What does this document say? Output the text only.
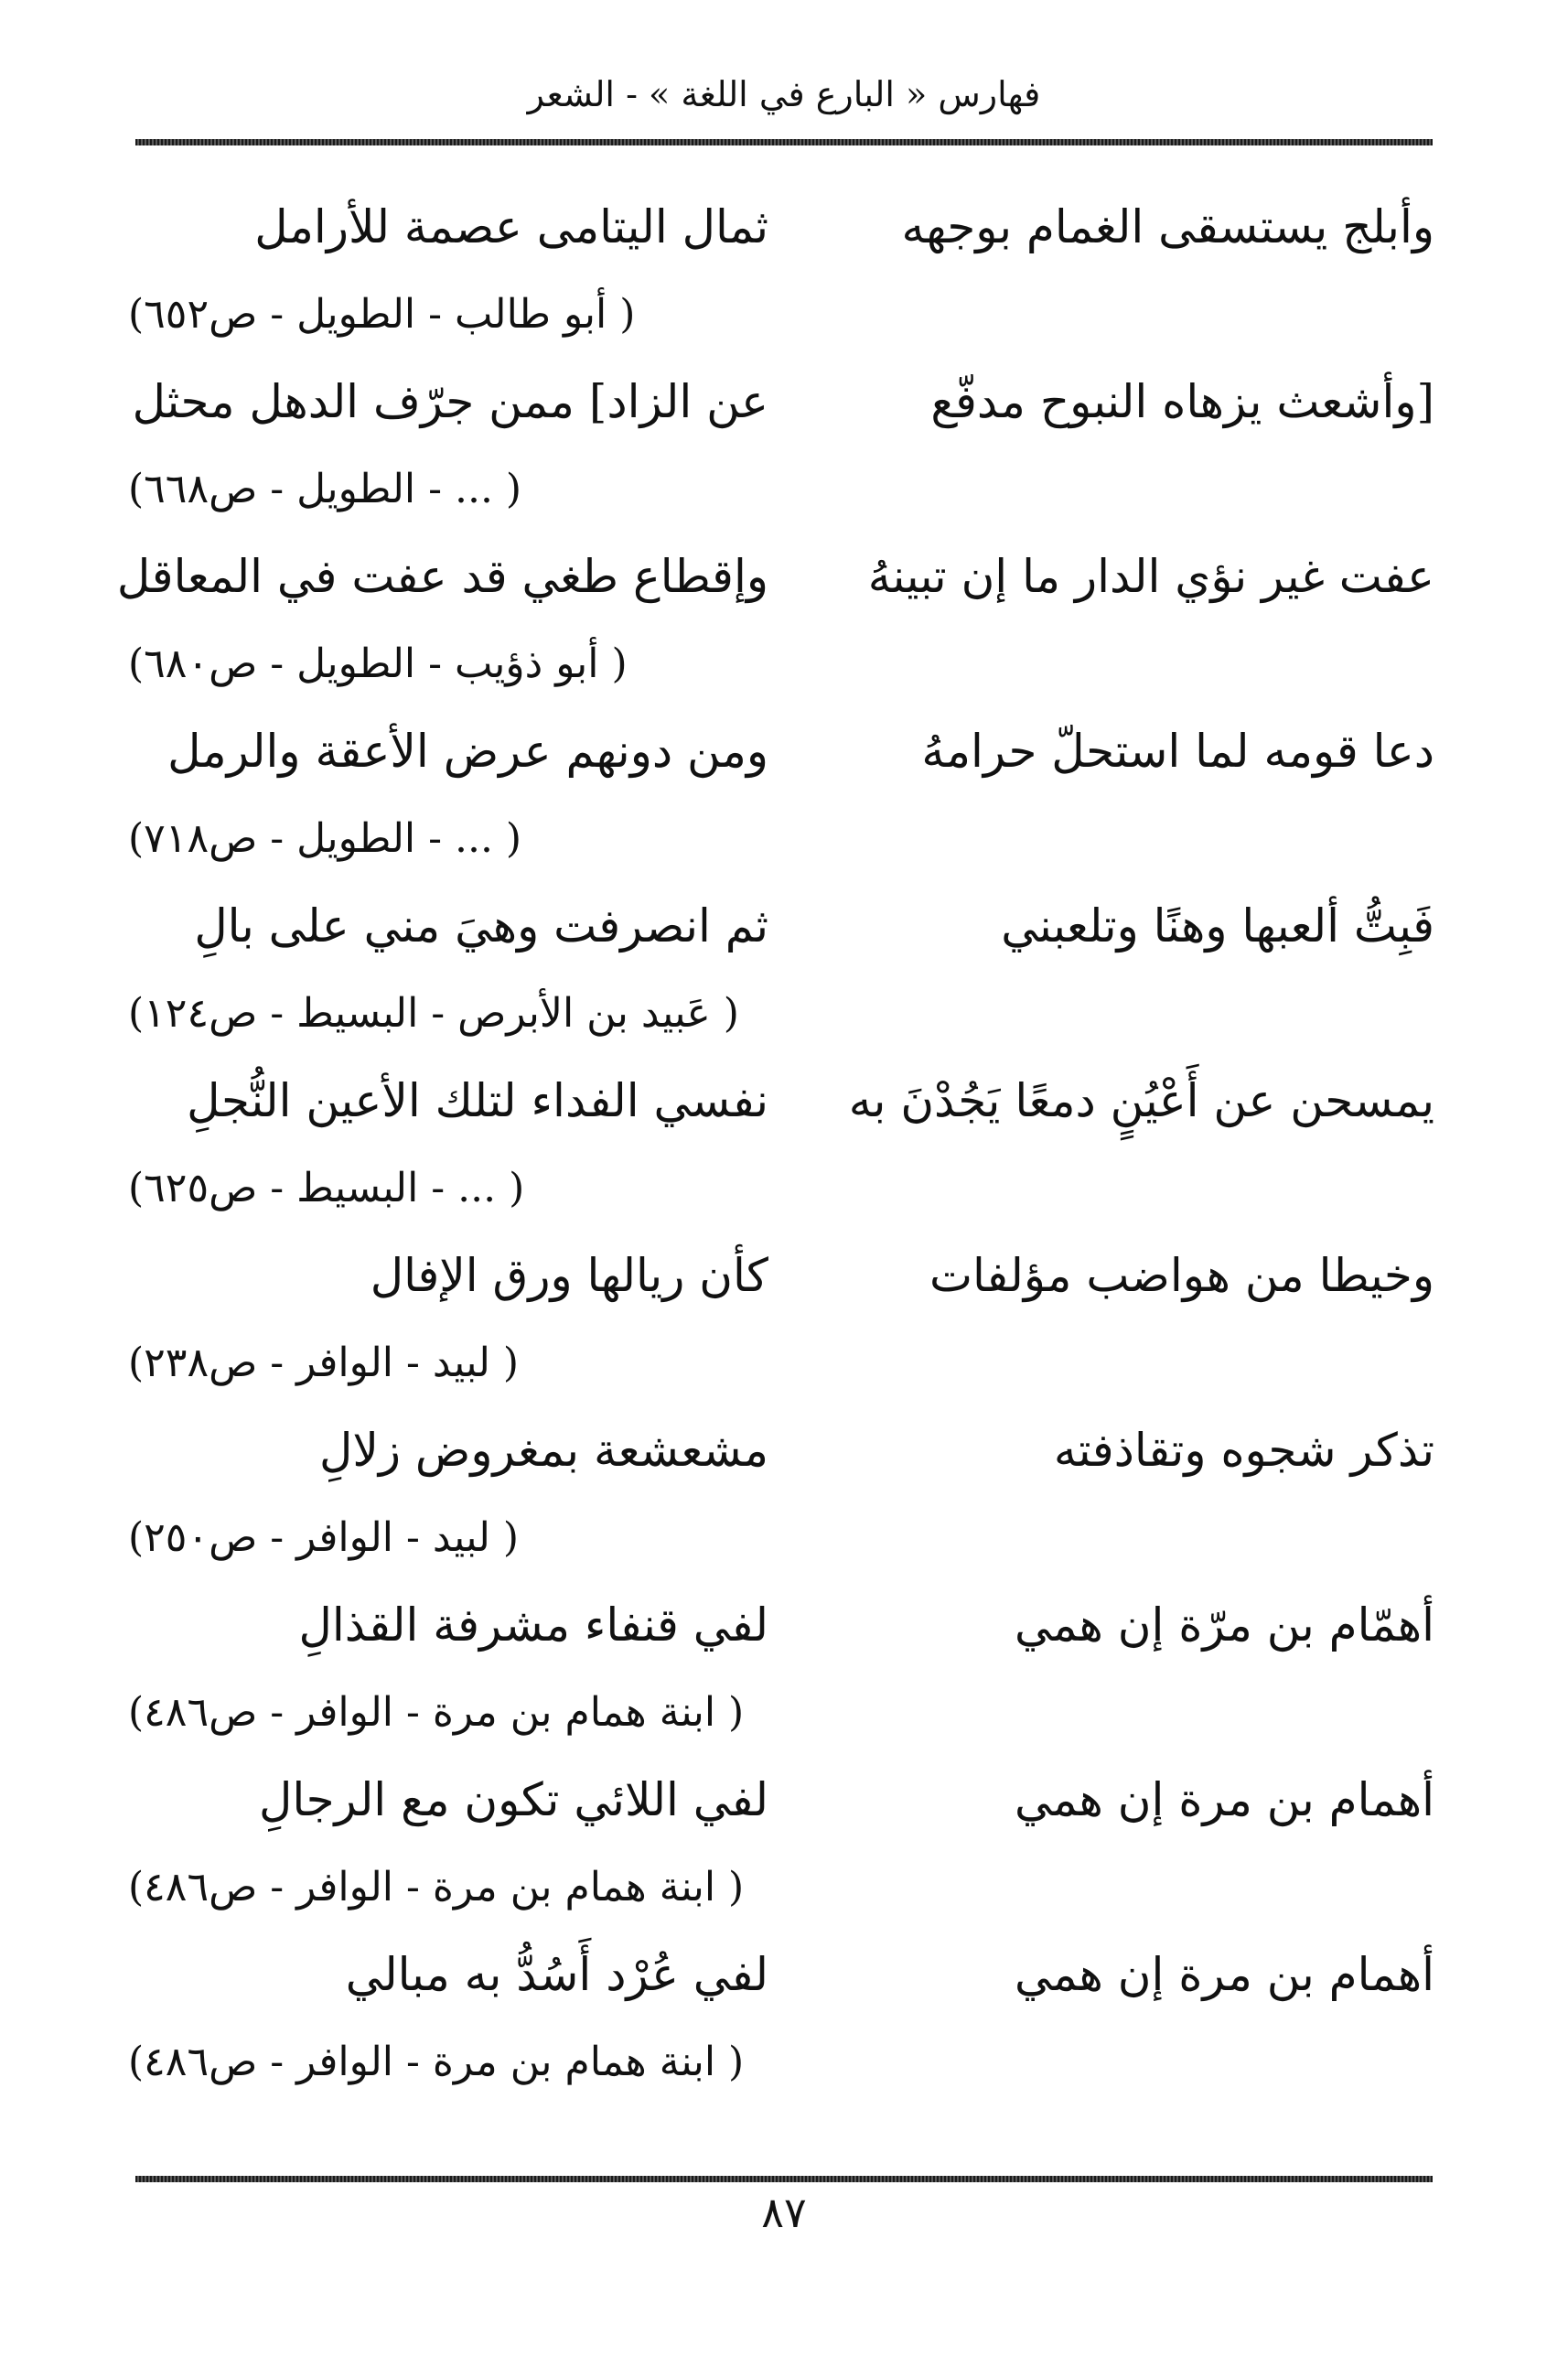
فهارس « البارع في اللغة » - الشعر
وأبلج يستسقى الغمام بوجهه
ثمال اليتامى عصمة للأرامل
( أبو طالب - الطويل - ص٦٥٢)
[وأشعث يزهاه النبوح مدفّع
عن الزاد] ممن جرّف الدهل محثل
( ... - الطويل - ص٦٦٨)
عفت غير نؤي الدار ما إن تبينهُ
وإقطاع طغي قد عفت في المعاقل
( أبو ذؤيب - الطويل - ص٦٨٠)
دعا قومه لما استحلّ حرامهُ
ومن دونهم عرض الأعقة والرمل
( ... - الطويل - ص٧١٨)
فَبِتُّ ألعبها وهنًا وتلعبني
ثم انصرفت وهيَ مني على بالِ
( عَبيد بن الأبرص - البسيط - ص١٢٤)
يمسحن عن أَعْيُنٍ دمعًا يَجُدْنَ به
نفسي الفداء لتلك الأعين النُّجلِ
( ... - البسيط - ص٦٢٥)
وخيطا من هواضب مؤلفات
كأن ريالها ورق الإفال
( لبيد - الوافر - ص٢٣٨)
تذكر شجوه وتقاذفته
مشعشعة بمغروض زلالِ
( لبيد - الوافر - ص٢٥٠)
أهمّام بن مرّة إن همي
لفي قنفاء مشرفة القذالِ
( ابنة همام بن مرة - الوافر - ص٤٨٦)
أهمام بن مرة إن همي
لفي اللائي تكون مع الرجالِ
( ابنة همام بن مرة - الوافر - ص٤٨٦)
أهمام بن مرة إن همي
لفي عُرْد أَسُدُّ به مبالي
( ابنة همام بن مرة - الوافر - ص٤٨٦)
٨٧
